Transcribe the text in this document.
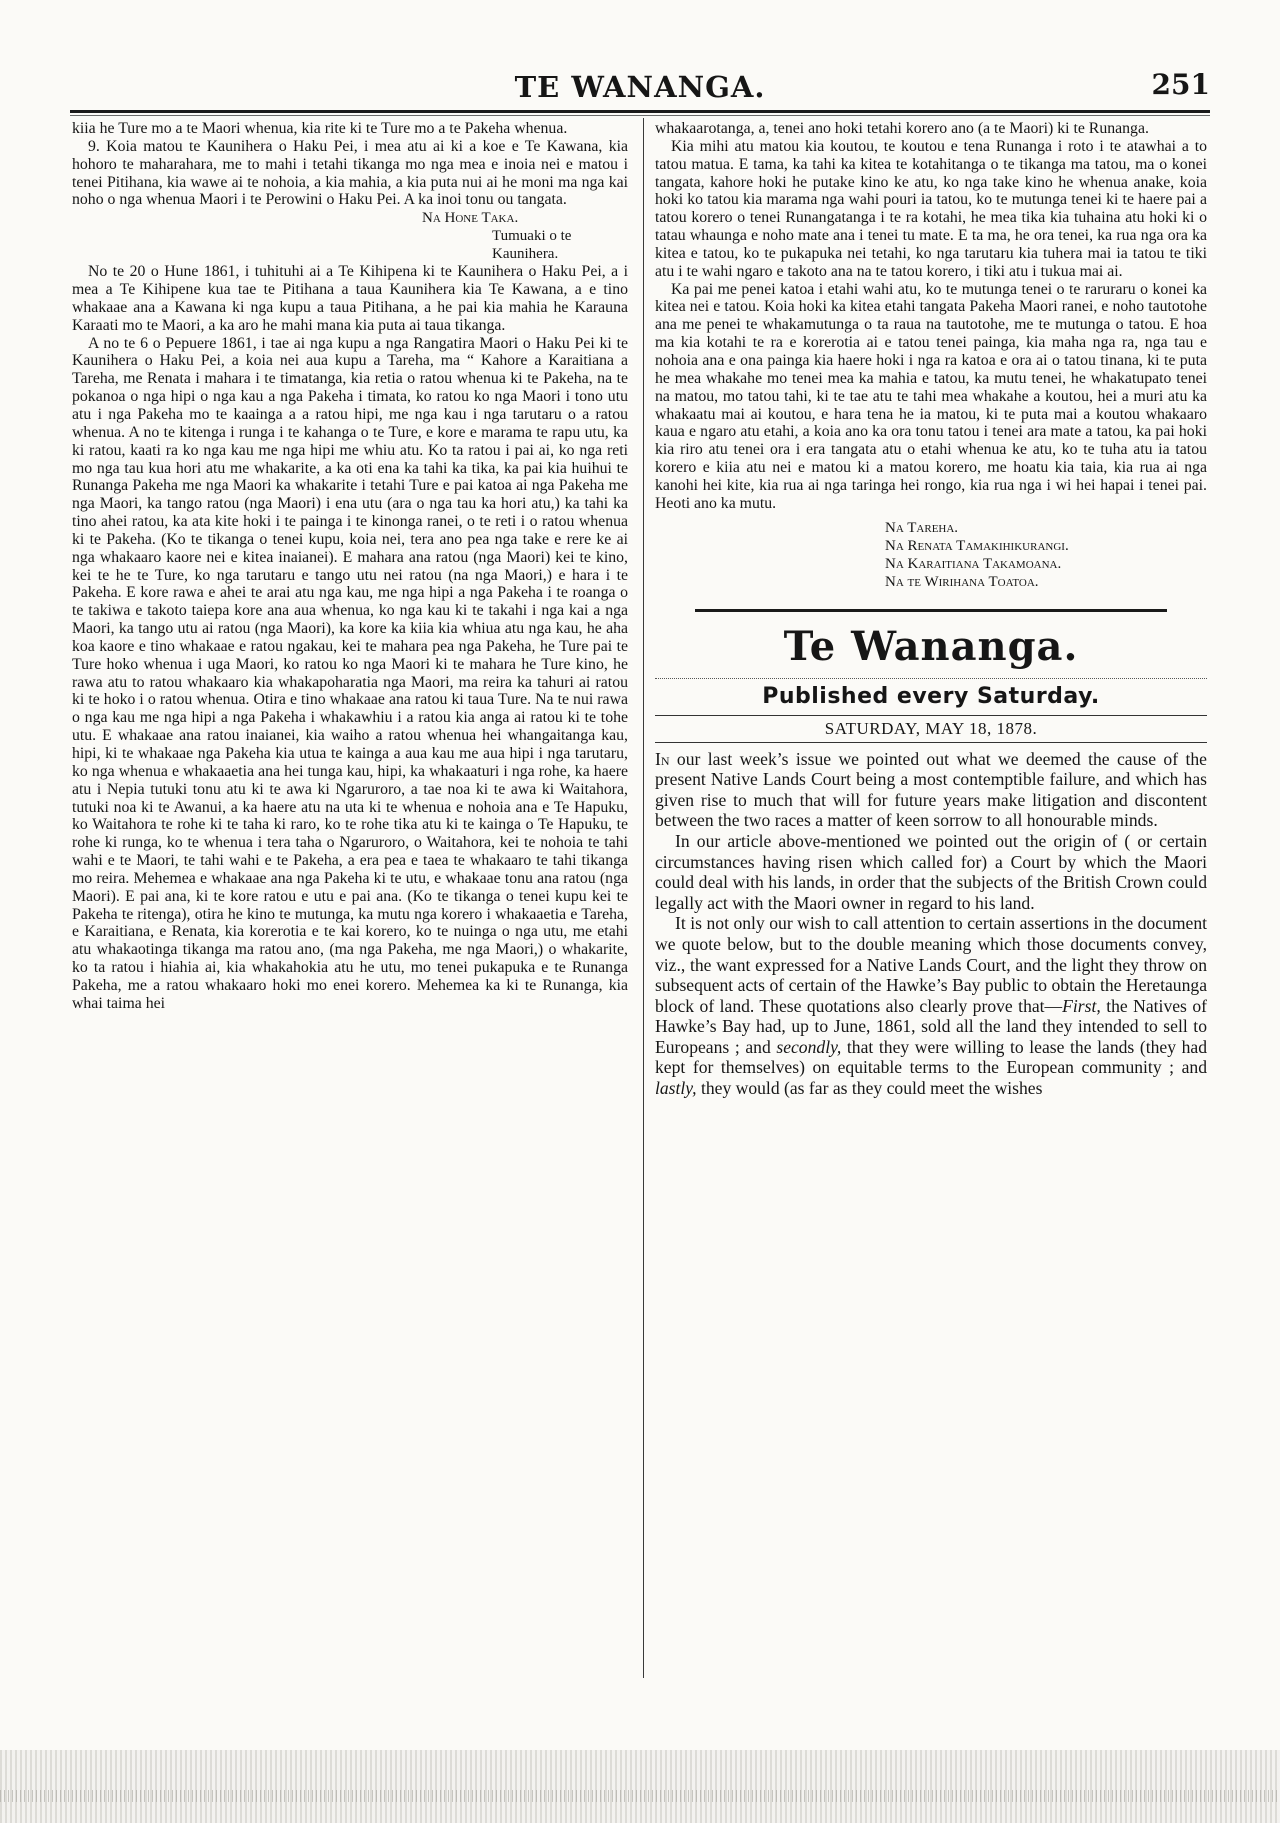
TE WANANGA.	251

kiia he Ture mo a te Maori whenua, kia rite ki te Ture mo a te Pakeha whenua.

9. Koia matou te Kaunihera o Haku Pei, i mea atu ai ki a koe e Te Kawana, kia hohoro te maharahara, me to mahi i tetahi tikanga mo nga mea e inoia nei e matou i tenei Pitihana, kia wawe ai te nohoia, a kia mahia, a kia puta nui ai he moni ma nga kai noho o nga whenua Maori i te Perowini o Haku Pei. A ka inoi tonu ou tangata.

Na Hone Taka.

Tumuaki o te Kaunihera.

No te 20 o Hune 1861, i tuhituhi ai a Te Kihipena ki te Kaunihera o Haku Pei, a i mea a Te Kihipene kua tae te Pitihana a taua Kaunihera kia Te Kawana, a e tino whakaae ana a Kawana ki nga kupu a taua Pitihana, a he pai kia mahia he Karauna Karaati mo te Maori, a ka aro he mahi mana kia puta ai taua tikanga.

A no te 6 o Pepuere 1861, i tae ai nga kupu a nga Rangatira Maori o Haku Pei ki te Kaunihera o Haku Pei, a koia nei aua kupu a Tareha, ma “ Kahore a Karaitiana a Tareha, me Renata i mahara i te timatanga, kia retia o ratou whenua ki te Pakeha, na te pokanoa o nga hipi o nga kau a nga Pakeha i timata, ko ratou ko nga Maori i tono utu atu i nga Pakeha mo te kaainga a a ratou hipi, me nga kau i nga tarutaru o a ratou whenua. A no te kitenga i runga i te kahanga o te Ture, e kore e marama te rapu utu, ka ki ratou, kaati ra ko nga kau me nga hipi me whiu atu. Ko ta ratou i pai ai, ko nga reti mo nga tau kua hori atu me whakarite, a ka oti ena ka tahi ka tika, ka pai kia huihui te Runanga Pakeha me nga Maori ka whakarite i tetahi Ture e pai katoa ai nga Pakeha me nga Maori, ka tango ratou (nga Maori) i ena utu (ara o nga tau ka hori atu,) ka tahi ka tino ahei ratou, ka ata kite hoki i te painga i te kinonga ranei, o te reti i o ratou whenua ki te Pakeha. (Ko te tikanga o tenei kupu, koia nei, tera ano pea nga take e rere ke ai nga whakaaro kaore nei e kitea inaianei). E mahara ana ratou (nga Maori) kei te kino, kei te he te Ture, ko nga tarutaru e tango utu nei ratou (na nga Maori,) e hara i te Pakeha. E kore rawa e ahei te arai atu nga kau, me nga hipi a nga Pakeha i te roanga o te takiwa e takoto taiepa kore ana aua whenua, ko nga kau ki te takahi i nga kai a nga Maori, ka tango utu ai ratou (nga Maori), ka kore ka kiia kia whiua atu nga kau, he aha koa kaore e tino whakaae e ratou ngakau, kei te mahara pea nga Pakeha, he Ture pai te Ture hoko whenua i uga Maori, ko ratou ko nga Maori ki te mahara he Ture kino, he rawa atu to ratou whakaaro kia whakapoharatia nga Maori, ma reira ka tahuri ai ratou ki te hoko i o ratou whenua. Otira e tino whakaae ana ratou ki taua Ture. Na te nui rawa o nga kau me nga hipi a nga Pakeha i whakawhiu i a ratou kia anga ai ratou ki te tohe utu. E whakaae ana ratou inaianei, kia waiho a ratou whenua hei whangaitanga kau, hipi, ki te whakaae nga Pakeha kia utua te kainga a aua kau me aua hipi i nga tarutaru, ko nga whenua e whakaaetia ana hei tunga kau, hipi, ka whakaaturi i nga rohe, ka haere atu i Nepia tutuki tonu atu ki te awa ki Ngaruroro, a tae noa ki te awa ki Waitahora, tutuki noa ki te Awanui, a ka haere atu na uta ki te whenua e nohoia ana e Te Hapuku, ko Waitahora te rohe ki te taha ki raro, ko te rohe tika atu ki te kainga o Te Hapuku, te rohe ki runga, ko te whenua i tera taha o Ngaruroro, o Waitahora, kei te nohoia te tahi wahi e te Maori, te tahi wahi e te Pakeha, a era pea e taea te whakaaro te tahi tikanga mo reira. Mehemea e whakaae ana nga Pakeha ki te utu, e whakaae tonu ana ratou (nga Maori). E pai ana, ki te kore ratou e utu e pai ana. (Ko te tikanga o tenei kupu kei te Pakeha te ritenga), otira he kino te mutunga, ka mutu nga korero i whakaaetia e Tareha, e Karaitiana, e Renata, kia korerotia e te kai korero, ko te nuinga o nga utu, me etahi atu whakaotinga tikanga ma ratou ano, (ma nga Pakeha, me nga Maori,) o whakarite, ko ta ratou i hiahia ai, kia whakahokia atu he utu, mo tenei pukapuka e te Runanga Pakeha, me a ratou whakaaro hoki mo enei korero. Mehemea ka ki te Runanga, kia whai taima hei

whakaarotanga, a, tenei ano hoki tetahi korero ano (a te Maori) ki te Runanga.

Kia mihi atu matou kia koutou, te koutou e tena Runanga i roto i te atawhai a to tatou matua. E tama, ka tahi ka kitea te kotahitanga o te tikanga ma tatou, ma o konei tangata, kahore hoki he putake kino ke atu, ko nga take kino he whenua anake, koia hoki ko tatou kia marama nga wahi pouri ia tatou, ko te mutunga tenei ki te haere pai a tatou korero o tenei Runangatanga i te ra kotahi, he mea tika kia tuhaina atu hoki ki o tatau whaunga e noho mate ana i tenei tu mate. E ta ma, he ora tenei, ka rua nga ora ka kitea e tatou, ko te pukapuka nei tetahi, ko nga tarutaru kia tuhera mai ia tatou te tiki atu i te wahi ngaro e takoto ana na te tatou korero, i tiki atu i tukua mai ai.

Ka pai me penei katoa i etahi wahi atu, ko te mutunga tenei o te raruraru o konei ka kitea nei e tatou. Koia hoki ka kitea etahi tangata Pakeha Maori ranei, e noho tautotohe ana me penei te whakamutunga o ta raua na tautotohe, me te mutunga o tatou. E hoa ma kia kotahi te ra e korerotia ai e tatou tenei painga, kia maha nga ra, nga tau e nohoia ana e ona painga kia haere hoki i nga ra katoa e ora ai o tatou tinana, ki te puta he mea whakahe mo tenei mea ka mahia e tatou, ka mutu tenei, he whakatupato tenei na matou, mo tatou tahi, ki te tae atu te tahi mea whakahe a koutou, hei a muri atu ka whakaatu mai ai koutou, e hara tena he ia matou, ki te puta mai a koutou whakaaro kaua e ngaro atu etahi, a koia ano ka ora tonu tatou i tenei ara mate a tatou, ka pai hoki kia riro atu tenei ora i era tangata atu o etahi whenua ke atu, ko te tuha atu ia tatou korero e kiia atu nei e matou ki a matou korero, me hoatu kia taia, kia rua ai nga kanohi hei kite, kia rua ai nga taringa hei rongo, kia rua nga i wi hei hapai i tenei pai. Heoti ano ka mutu.

Na Tareha.

Na Renata Tamakihikurangi.

Na Karaitiana Takamoana.

Na te Wirihana Toatoa.

Te Wananga.
Published every Saturday.
SATURDAY, MAY 18, 1878.

In our last week’s issue we pointed out what we deemed the cause of the present Native Lands Court being a most contemptible failure, and which has given rise to much that will for future years make litigation and discontent between the two races a matter of keen sorrow to all honourable minds.

In our article above-mentioned we pointed out the origin of ( or certain circumstances having risen which called for) a Court by which the Maori could deal with his lands, in order that the subjects of the British Crown could legally act with the Maori owner in regard to his land.

It is not only our wish to call attention to certain assertions in the document we quote below, but to the double meaning which those documents convey, viz., the want expressed for a Native Lands Court, and the light they throw on subsequent acts of certain of the Hawke’s Bay public to obtain the Heretaunga block of land. These quotations also clearly prove that—First, the Natives of Hawke’s Bay had, up to June, 1861, sold all the land they intended to sell to Europeans ; and secondly, that they were willing to lease the lands (they had kept for themselves) on equitable terms to the European community ; and lastly, they would (as far as they could meet the wishes
